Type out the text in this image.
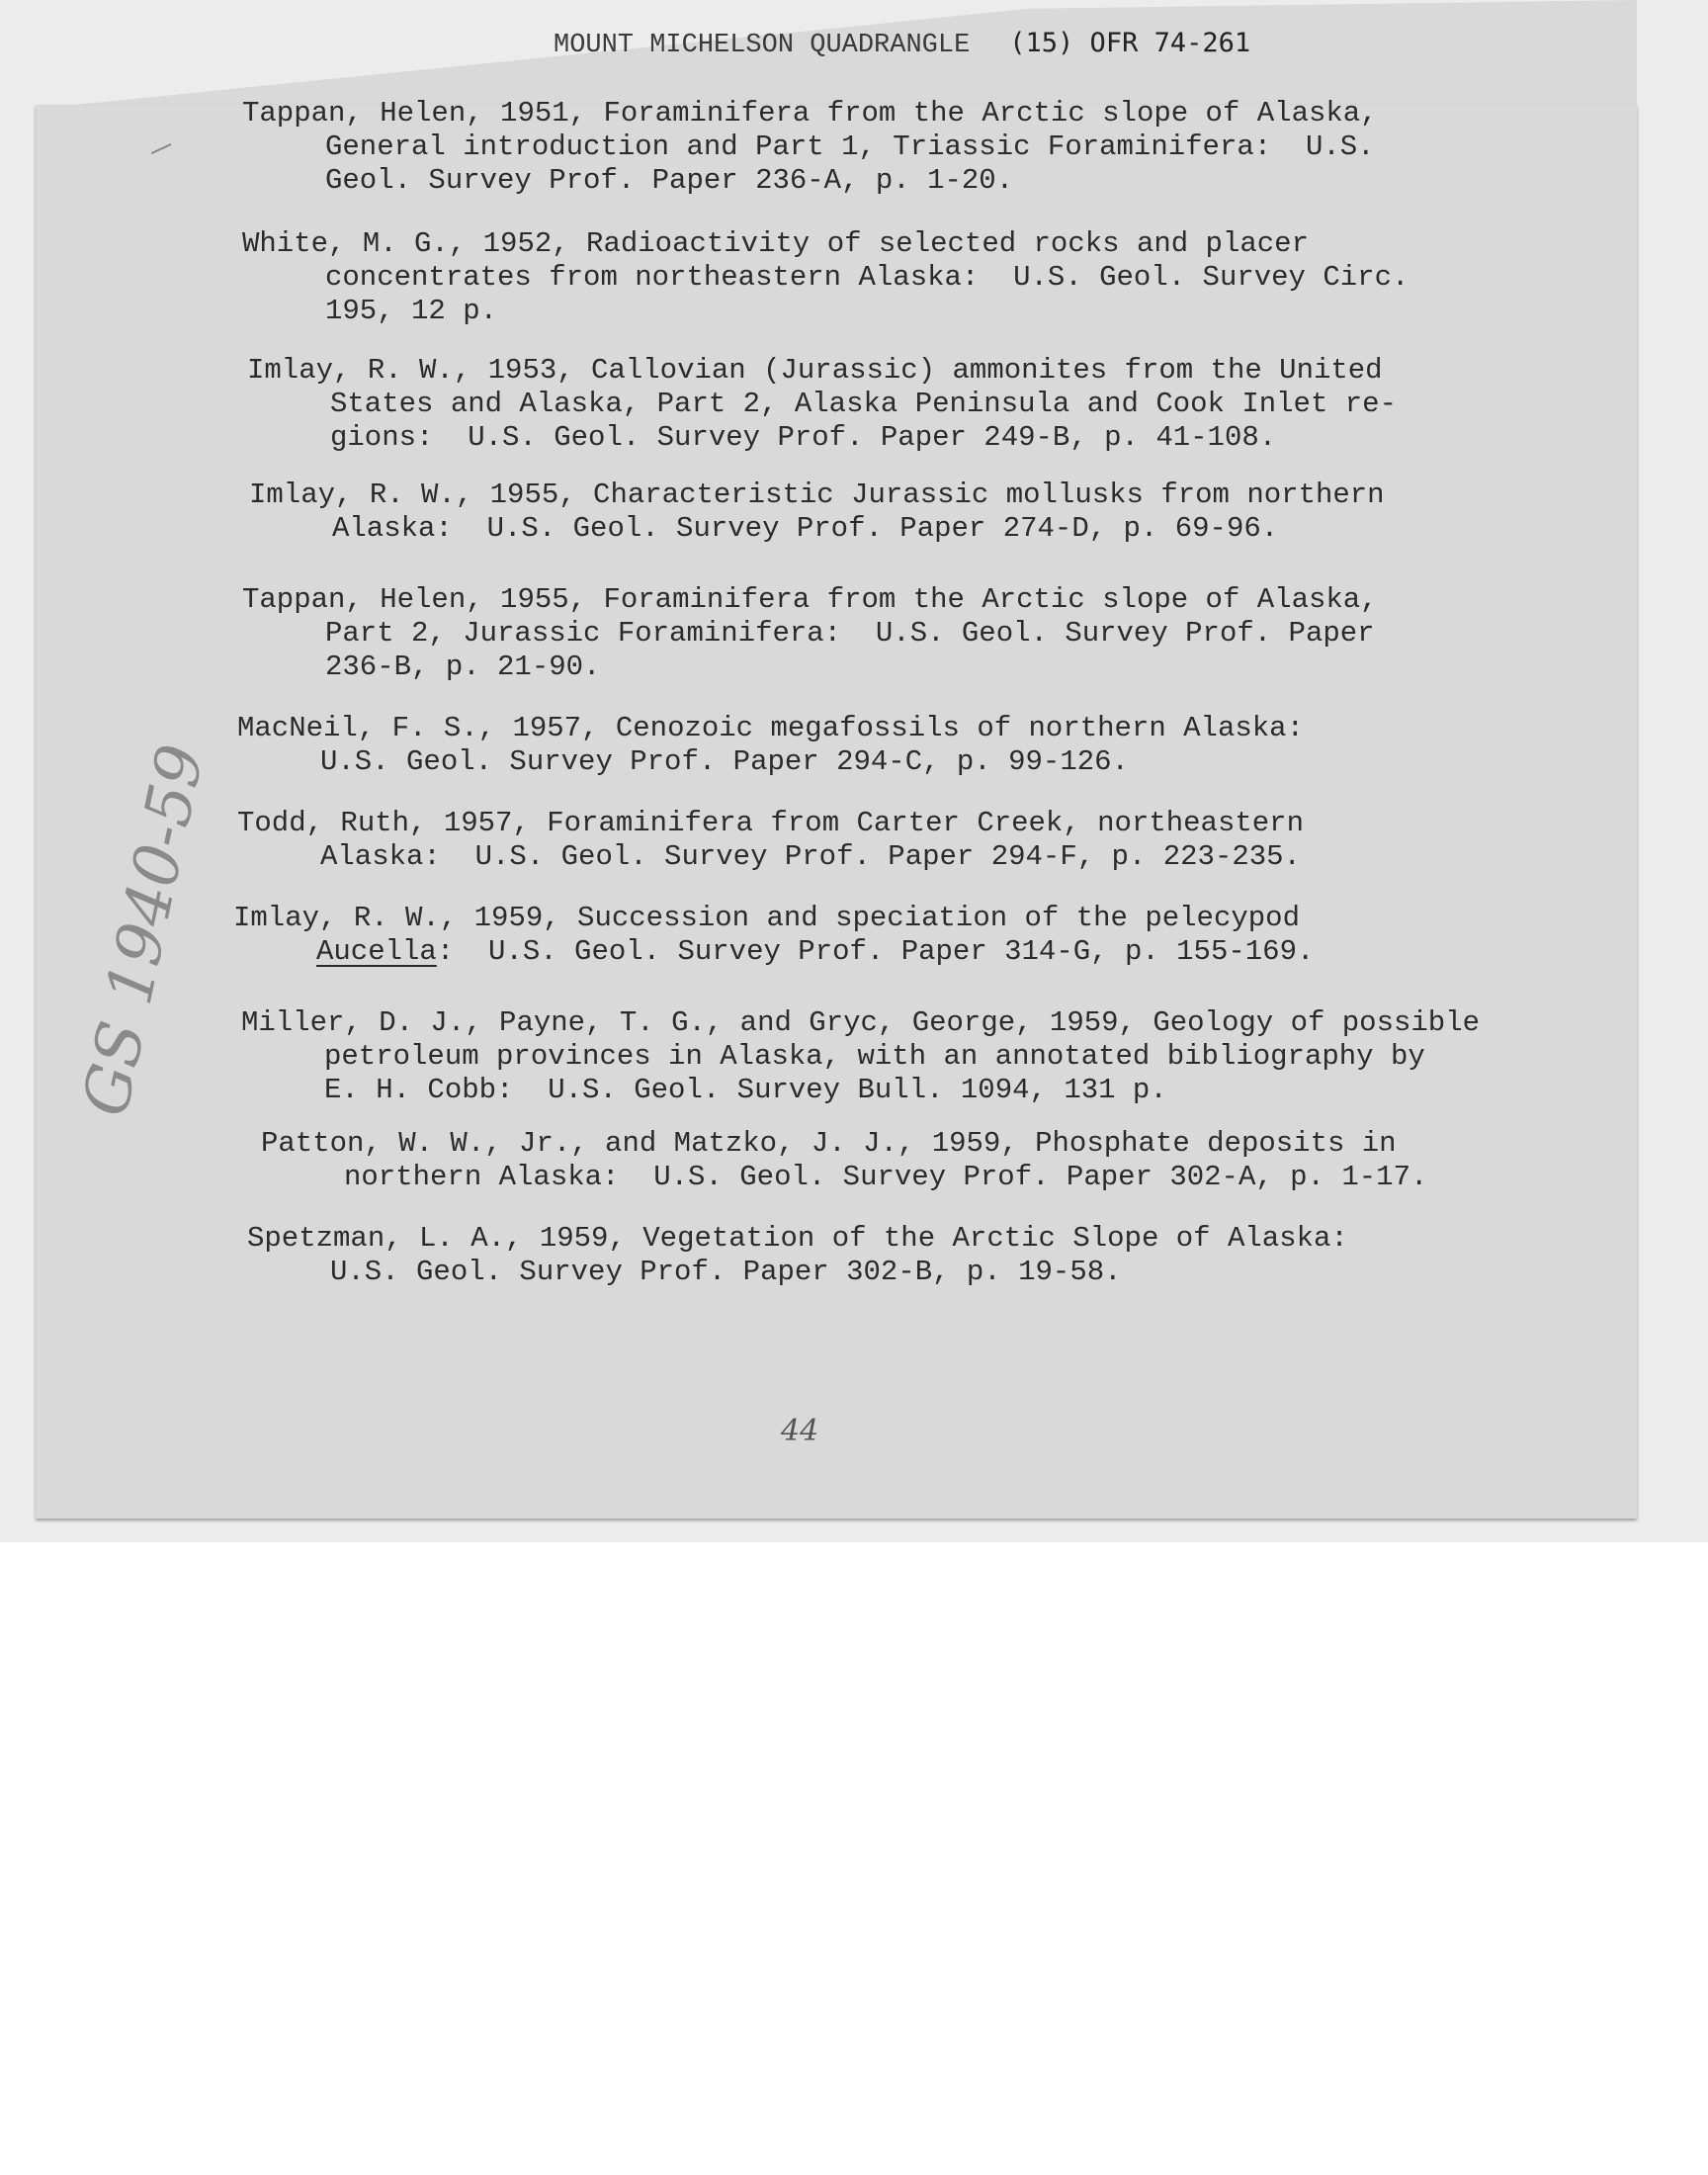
MOUNT MICHELSON QUADRANGLE (15) OFR 74-261
Tappan, Helen, 1951, Foraminifera from the Arctic slope of Alaska,
General introduction and Part 1, Triassic Foraminifera:  U.S.
Geol. Survey Prof. Paper 236-A, p. 1-20.
White, M. G., 1952, Radioactivity of selected rocks and placer
concentrates from northeastern Alaska:  U.S. Geol. Survey Circ.
195, 12 p.
Imlay, R. W., 1953, Callovian (Jurassic) ammonites from the United
States and Alaska, Part 2, Alaska Peninsula and Cook Inlet re-
gions:  U.S. Geol. Survey Prof. Paper 249-B, p. 41-108.
Imlay, R. W., 1955, Characteristic Jurassic mollusks from northern
Alaska:  U.S. Geol. Survey Prof. Paper 274-D, p. 69-96.
Tappan, Helen, 1955, Foraminifera from the Arctic slope of Alaska,
Part 2, Jurassic Foraminifera:  U.S. Geol. Survey Prof. Paper
236-B, p. 21-90.
MacNeil, F. S., 1957, Cenozoic megafossils of northern Alaska:
U.S. Geol. Survey Prof. Paper 294-C, p. 99-126.
Todd, Ruth, 1957, Foraminifera from Carter Creek, northeastern
Alaska:  U.S. Geol. Survey Prof. Paper 294-F, p. 223-235.
Imlay, R. W., 1959, Succession and speciation of the pelecypod
Aucella:  U.S. Geol. Survey Prof. Paper 314-G, p. 155-169.
Miller, D. J., Payne, T. G., and Gryc, George, 1959, Geology of possible
petroleum provinces in Alaska, with an annotated bibliography by
E. H. Cobb:  U.S. Geol. Survey Bull. 1094, 131 p.
Patton, W. W., Jr., and Matzko, J. J., 1959, Phosphate deposits in
northern Alaska:  U.S. Geol. Survey Prof. Paper 302-A, p. 1-17.
Spetzman, L. A., 1959, Vegetation of the Arctic Slope of Alaska:
U.S. Geol. Survey Prof. Paper 302-B, p. 19-58.
GS 1940-59
44
